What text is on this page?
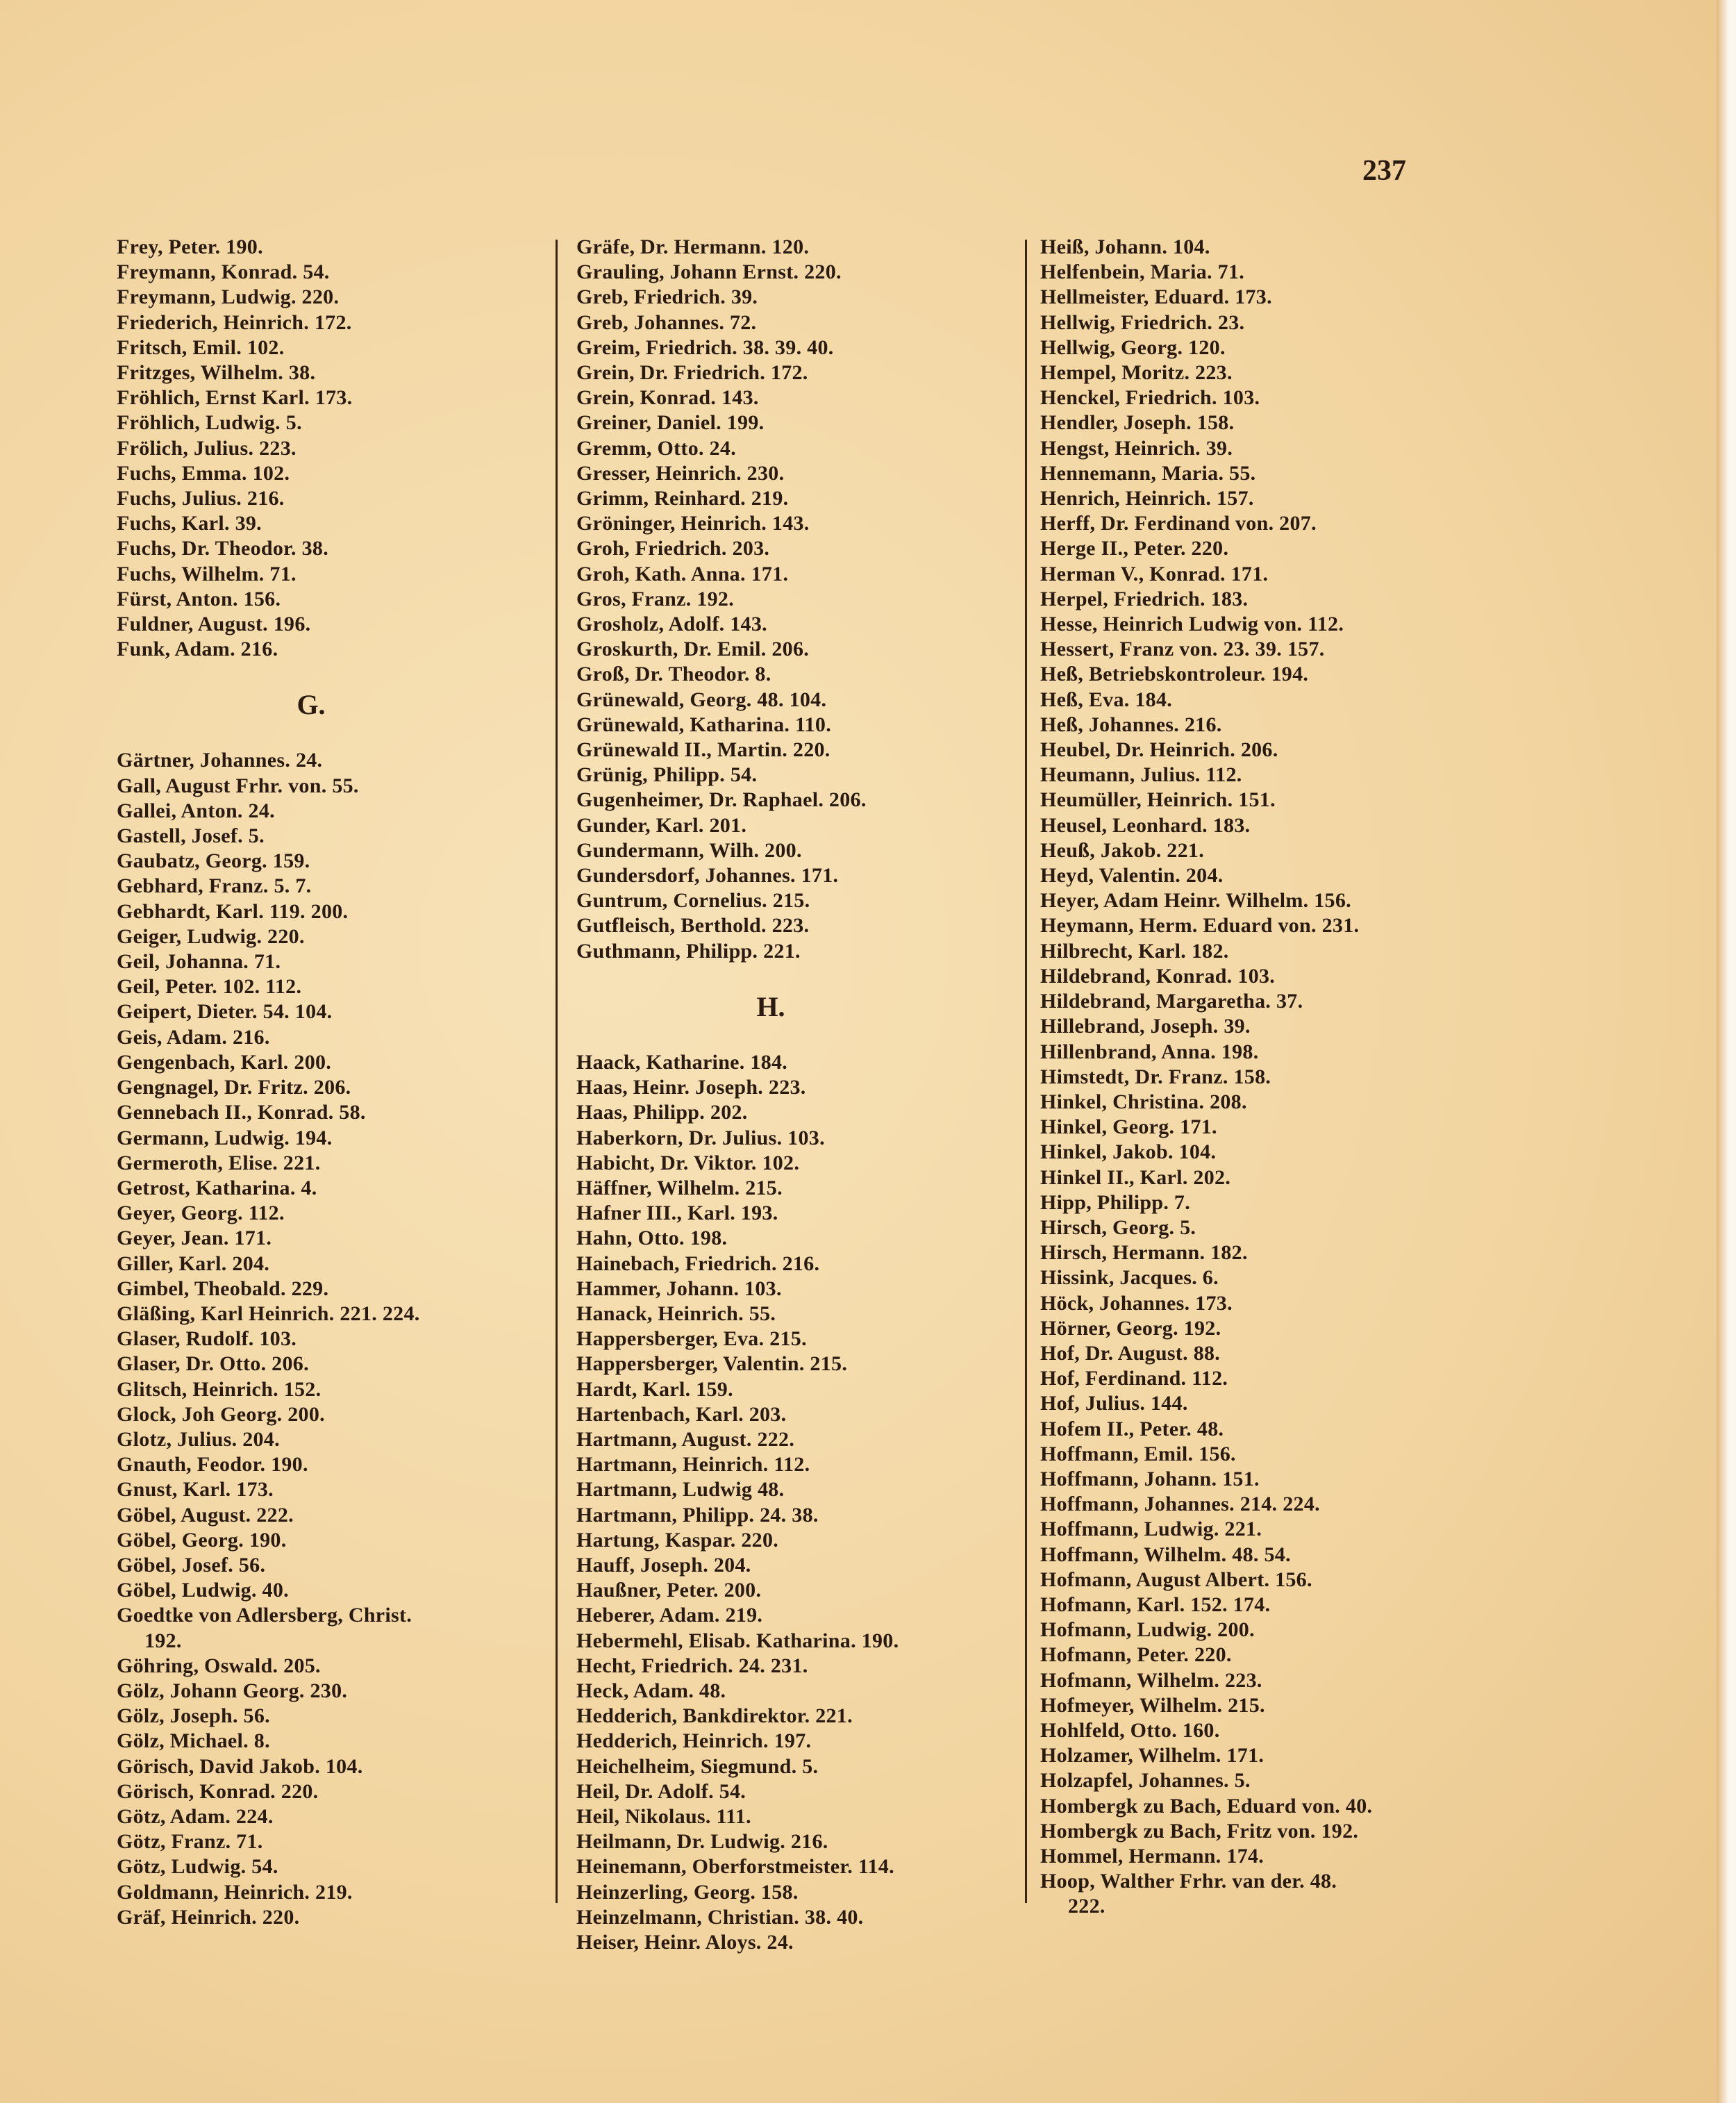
237
Frey, Peter. 190.
Freymann, Konrad. 54.
Freymann, Ludwig. 220.
Friederich, Heinrich. 172.
Fritsch, Emil. 102.
Fritzges, Wilhelm. 38.
Fröhlich, Ernst Karl. 173.
Fröhlich, Ludwig. 5.
Frölich, Julius. 223.
Fuchs, Emma. 102.
Fuchs, Julius. 216.
Fuchs, Karl. 39.
Fuchs, Dr. Theodor. 38.
Fuchs, Wilhelm. 71.
Fürst, Anton. 156.
Fuldner, August. 196.
Funk, Adam. 216.
G.
Gärtner, Johannes. 24.
Gall, August Frhr. von. 55.
Gallei, Anton. 24.
Gastell, Josef. 5.
Gaubatz, Georg. 159.
Gebhard, Franz. 5. 7.
Gebhardt, Karl. 119. 200.
Geiger, Ludwig. 220.
Geil, Johanna. 71.
Geil, Peter. 102. 112.
Geipert, Dieter. 54. 104.
Geis, Adam. 216.
Gengenbach, Karl. 200.
Gengnagel, Dr. Fritz. 206.
Gennebach II., Konrad. 58.
Germann, Ludwig. 194.
Germeroth, Elise. 221.
Getrost, Katharina. 4.
Geyer, Georg. 112.
Geyer, Jean. 171.
Giller, Karl. 204.
Gimbel, Theobald. 229.
Gläßing, Karl Heinrich. 221. 224.
Glaser, Rudolf. 103.
Glaser, Dr. Otto. 206.
Glitsch, Heinrich. 152.
Glock, Joh Georg. 200.
Glotz, Julius. 204.
Gnauth, Feodor. 190.
Gnust, Karl. 173.
Göbel, August. 222.
Göbel, Georg. 190.
Göbel, Josef. 56.
Göbel, Ludwig. 40.
Goedtke von Adlersberg, Christ.
192.
Göhring, Oswald. 205.
Gölz, Johann Georg. 230.
Gölz, Joseph. 56.
Gölz, Michael. 8.
Görisch, David Jakob. 104.
Görisch, Konrad. 220.
Götz, Adam. 224.
Götz, Franz. 71.
Götz, Ludwig. 54.
Goldmann, Heinrich. 219.
Gräf, Heinrich. 220.
Gräfe, Dr. Hermann. 120.
Grauling, Johann Ernst. 220.
Greb, Friedrich. 39.
Greb, Johannes. 72.
Greim, Friedrich. 38. 39. 40.
Grein, Dr. Friedrich. 172.
Grein, Konrad. 143.
Greiner, Daniel. 199.
Gremm, Otto. 24.
Gresser, Heinrich. 230.
Grimm, Reinhard. 219.
Gröninger, Heinrich. 143.
Groh, Friedrich. 203.
Groh, Kath. Anna. 171.
Gros, Franz. 192.
Grosholz, Adolf. 143.
Groskurth, Dr. Emil. 206.
Groß, Dr. Theodor. 8.
Grünewald, Georg. 48. 104.
Grünewald, Katharina. 110.
Grünewald II., Martin. 220.
Grünig, Philipp. 54.
Gugenheimer, Dr. Raphael. 206.
Gunder, Karl. 201.
Gundermann, Wilh. 200.
Gundersdorf, Johannes. 171.
Guntrum, Cornelius. 215.
Gutfleisch, Berthold. 223.
Guthmann, Philipp. 221.
H.
Haack, Katharine. 184.
Haas, Heinr. Joseph. 223.
Haas, Philipp. 202.
Haberkorn, Dr. Julius. 103.
Habicht, Dr. Viktor. 102.
Häffner, Wilhelm. 215.
Hafner III., Karl. 193.
Hahn, Otto. 198.
Hainebach, Friedrich. 216.
Hammer, Johann. 103.
Hanack, Heinrich. 55.
Happersberger, Eva. 215.
Happersberger, Valentin. 215.
Hardt, Karl. 159.
Hartenbach, Karl. 203.
Hartmann, August. 222.
Hartmann, Heinrich. 112.
Hartmann, Ludwig 48.
Hartmann, Philipp. 24. 38.
Hartung, Kaspar. 220.
Hauff, Joseph. 204.
Haußner, Peter. 200.
Heberer, Adam. 219.
Hebermehl, Elisab. Katharina. 190.
Hecht, Friedrich. 24. 231.
Heck, Adam. 48.
Hedderich, Bankdirektor. 221.
Hedderich, Heinrich. 197.
Heichelheim, Siegmund. 5.
Heil, Dr. Adolf. 54.
Heil, Nikolaus. 111.
Heilmann, Dr. Ludwig. 216.
Heinemann, Oberforstmeister. 114.
Heinzerling, Georg. 158.
Heinzelmann, Christian. 38. 40.
Heiser, Heinr. Aloys. 24.
Heiß, Johann. 104.
Helfenbein, Maria. 71.
Hellmeister, Eduard. 173.
Hellwig, Friedrich. 23.
Hellwig, Georg. 120.
Hempel, Moritz. 223.
Henckel, Friedrich. 103.
Hendler, Joseph. 158.
Hengst, Heinrich. 39.
Hennemann, Maria. 55.
Henrich, Heinrich. 157.
Herff, Dr. Ferdinand von. 207.
Herge II., Peter. 220.
Herman V., Konrad. 171.
Herpel, Friedrich. 183.
Hesse, Heinrich Ludwig von. 112.
Hessert, Franz von. 23. 39. 157.
Heß, Betriebskontroleur. 194.
Heß, Eva. 184.
Heß, Johannes. 216.
Heubel, Dr. Heinrich. 206.
Heumann, Julius. 112.
Heumüller, Heinrich. 151.
Heusel, Leonhard. 183.
Heuß, Jakob. 221.
Heyd, Valentin. 204.
Heyer, Adam Heinr. Wilhelm. 156.
Heymann, Herm. Eduard von. 231.
Hilbrecht, Karl. 182.
Hildebrand, Konrad. 103.
Hildebrand, Margaretha. 37.
Hillebrand, Joseph. 39.
Hillenbrand, Anna. 198.
Himstedt, Dr. Franz. 158.
Hinkel, Christina. 208.
Hinkel, Georg. 171.
Hinkel, Jakob. 104.
Hinkel II., Karl. 202.
Hipp, Philipp. 7.
Hirsch, Georg. 5.
Hirsch, Hermann. 182.
Hissink, Jacques. 6.
Höck, Johannes. 173.
Hörner, Georg. 192.
Hof, Dr. August. 88.
Hof, Ferdinand. 112.
Hof, Julius. 144.
Hofem II., Peter. 48.
Hoffmann, Emil. 156.
Hoffmann, Johann. 151.
Hoffmann, Johannes. 214. 224.
Hoffmann, Ludwig. 221.
Hoffmann, Wilhelm. 48. 54.
Hofmann, August Albert. 156.
Hofmann, Karl. 152. 174.
Hofmann, Ludwig. 200.
Hofmann, Peter. 220.
Hofmann, Wilhelm. 223.
Hofmeyer, Wilhelm. 215.
Hohlfeld, Otto. 160.
Holzamer, Wilhelm. 171.
Holzapfel, Johannes. 5.
Hombergk zu Bach, Eduard von. 40.
Hombergk zu Bach, Fritz von. 192.
Hommel, Hermann. 174.
Hoop, Walther Frhr. van der. 48.
222.
